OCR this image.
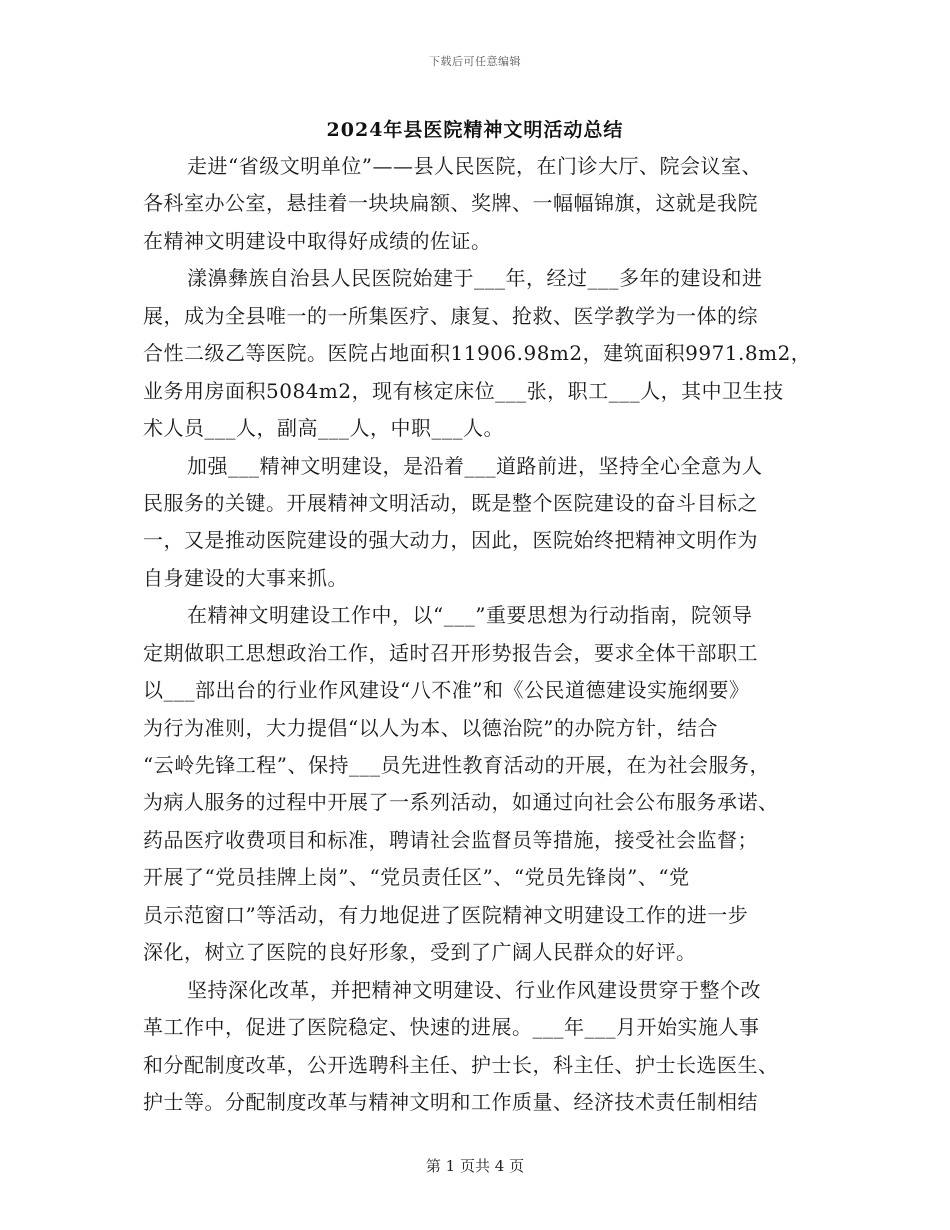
下载后可任意编辑
2024年县医院精神文明活动总结
走进“省级文明单位”——县人民医院，在门诊大厅、院会议室、
各科室办公室，悬挂着一块块扁额、奖牌、一幅幅锦旗，这就是我院
在精神文明建设中取得好成绩的佐证。
漾濞彝族自治县人民医院始建于___年，经过___多年的建设和进
展，成为全县唯一的一所集医疗、康复、抢救、医学教学为一体的综
合性二级乙等医院。医院占地面积11906.98m2，建筑面积9971.8m2，
业务用房面积5084m2，现有核定床位___张，职工___人，其中卫生技
术人员___人，副高___人，中职___人。
加强___精神文明建设，是沿着___道路前进，坚持全心全意为人
民服务的关键。开展精神文明活动，既是整个医院建设的奋斗目标之
一，又是推动医院建设的强大动力，因此，医院始终把精神文明作为
自身建设的大事来抓。
在精神文明建设工作中，以“___”重要思想为行动指南，院领导
定期做职工思想政治工作，适时召开形势报告会，要求全体干部职工
以___部出台的行业作风建设“八不准”和《公民道德建设实施纲要》
为行为准则，大力提倡“以人为本、以德治院”的办院方针，结合
“云岭先锋工程”、保持___员先进性教育活动的开展，在为社会服务，
为病人服务的过程中开展了一系列活动，如通过向社会公布服务承诺、
药品医疗收费项目和标准，聘请社会监督员等措施，接受社会监督；
开展了“党员挂牌上岗”、“党员责任区”、“党员先锋岗”、“党
员示范窗口”等活动，有力地促进了医院精神文明建设工作的进一步
深化，树立了医院的良好形象，受到了广阔人民群众的好评。
坚持深化改革，并把精神文明建设、行业作风建设贯穿于整个改
革工作中，促进了医院稳定、快速的进展。___年___月开始实施人事
和分配制度改革，公开选聘科主任、护士长，科主任、护士长选医生、
护士等。分配制度改革与精神文明和工作质量、经济技术责任制相结
第 1 页共 4 页
